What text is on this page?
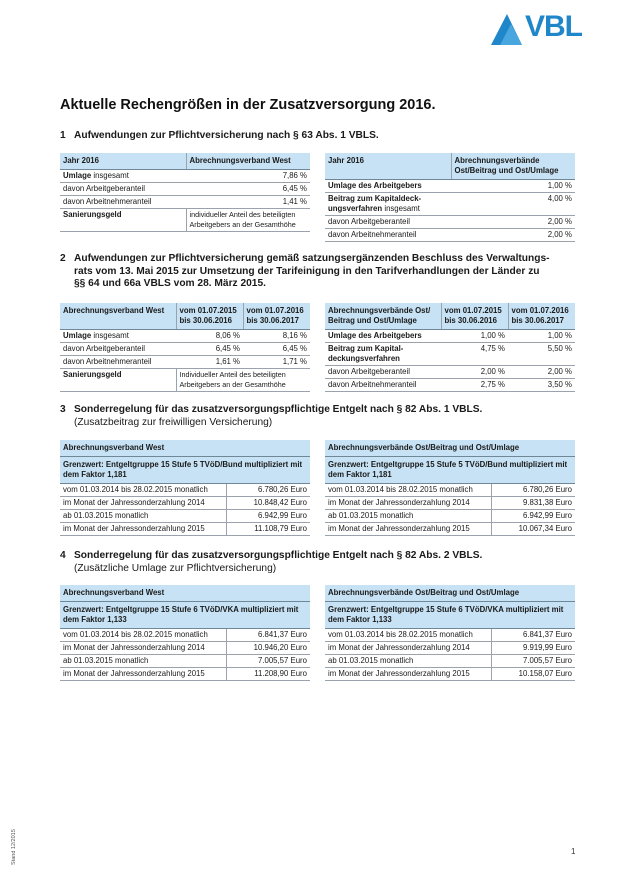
VBL
Aktuelle Rechengrößen in der Zusatzversorgung 2016.
1 Aufwendungen zur Pflichtversicherung nach § 63 Abs. 1 VBLS.
Jahr 2016	Abrechnungsverband West
Umlage insgesamt	7,86 %
davon Arbeitgeberanteil	6,45 %
davon Arbeitnehmeranteil	1,41 %
Sanierungsgeld	individueller Anteil des beteiligten Arbeitgebers an der Gesamthöhe
Jahr 2016	Abrechnungsverbände Ost/Beitrag und Ost/Umlage
Umlage des Arbeitgebers	1,00 %
Beitrag zum Kapitaldeck- ungsverfahren insgesamt	4,00 %
davon Arbeitgeberanteil	2,00 %
davon Arbeitnehmeranteil	2,00 %
2 Aufwendungen zur Pflichtversicherung gemäß satzungsergänzenden Beschluss des Verwaltungs-
rats vom 13. Mai 2015 zur Umsetzung der Tarifeinigung in den Tarifverhandlungen der Länder zu
§§ 64 und 66a VBLS vom 28. März 2015.
Abrechnungsverband West	vom 01.07.2015 bis 30.06.2016	vom 01.07.2016 bis 30.06.2017
Umlage insgesamt	8,06 %	8,16 %
davon Arbeitgeberanteil	6,45 %	6,45 %
davon Arbeitnehmeranteil	1,61 %	1,71 %
Sanierungsgeld	Individueller Anteil des beteiligten Arbeitgebers an der Gesamthöhe	
Abrechnungsverbände Ost/ Beitrag und Ost/Umlage	vom 01.07.2015 bis 30.06.2016	vom 01.07.2016 bis 30.06.2017
Umlage des Arbeitgebers	1,00 %	1,00 %
Beitrag zum Kapital- deckungsverfahren	4,75 %	5,50 %
davon Arbeitgeberanteil	2,00 %	2,00 %
davon Arbeitnehmeranteil	2,75 %	3,50 %
3 Sonderregelung für das zusatzversorgungspflichtige Entgelt nach § 82 Abs. 1 VBLS.
(Zusatzbeitrag zur freiwilligen Versicherung)
Abrechnungsverband West	
Grenzwert: Entgeltgruppe 15 Stufe 5 TVöD/Bund multipliziert mit dem Faktor 1,181	
vom 01.03.2014 bis 28.02.2015 monatlich	6.780,26 Euro
im Monat der Jahressonderzahlung 2014	10.848,42 Euro
ab 01.03.2015 monatlich	6.942,99 Euro
im Monat der Jahressonderzahlung 2015	11.108,79 Euro
Abrechnungsverbände Ost/Beitrag und Ost/Umlage	
Grenzwert: Entgeltgruppe 15 Stufe 5 TVöD/Bund multipliziert mit dem Faktor 1,181	
vom 01.03.2014 bis 28.02.2015 monatlich	6.780,26 Euro
im Monat der Jahressonderzahlung 2014	9.831,38 Euro
ab 01.03.2015 monatlich	6.942,99 Euro
im Monat der Jahressonderzahlung 2015	10.067,34 Euro
4 Sonderregelung für das zusatzversorgungspflichtige Entgelt nach § 82 Abs. 2 VBLS.
(Zusätzliche Umlage zur Pflichtversicherung)
Abrechnungsverband West	
Grenzwert: Entgeltgruppe 15 Stufe 6 TVöD/VKA multipliziert mit dem Faktor 1,133	
vom 01.03.2014 bis 28.02.2015 monatlich	6.841,37 Euro
im Monat der Jahressonderzahlung 2014	10.946,20 Euro
ab 01.03.2015 monatlich	7.005,57 Euro
im Monat der Jahressonderzahlung 2015	11.208,90 Euro
Abrechnungsverbände Ost/Beitrag und Ost/Umlage	
Grenzwert: Entgeltgruppe 15 Stufe 6 TVöD/VKA multipliziert mit dem Faktor 1,133	
vom 01.03.2014 bis 28.02.2015 monatlich	6.841,37 Euro
im Monat der Jahressonderzahlung 2014	9.919,99 Euro
ab 01.03.2015 monatlich	7.005,57 Euro
im Monat der Jahressonderzahlung 2015	10.158,07 Euro
Stand 12/2015	1
